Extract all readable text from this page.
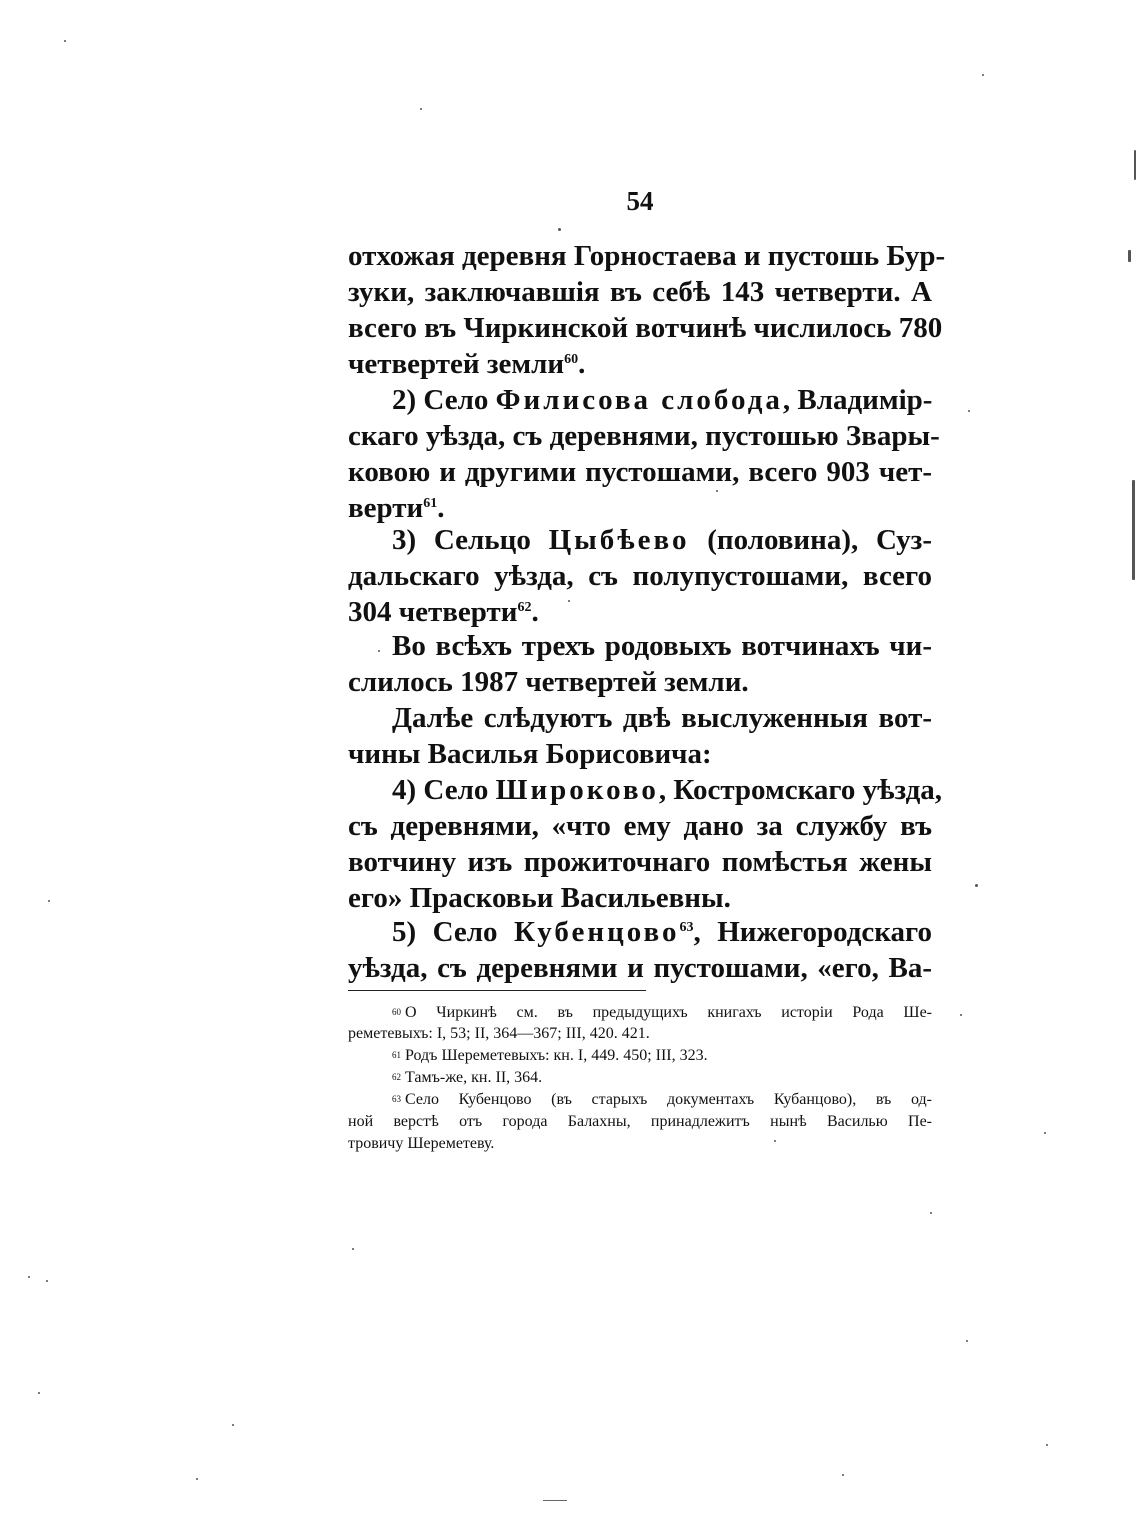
54
отхожая деревня Горностаева и пустошь Бур-
зуки, заключавшія въ себѣ 143 четверти. А
всего въ Чиркинской вотчинѣ числилось 780
четвертей земли$^{60}$.
2) Село Филисова слобода, Владимір-
скаго уѣзда, съ деревнями, пустошью Звары-
ковою и другими пустошами, всего 903 чет-
верти$^{61}$.
3) Сельцо Цыбѣево (половина), Суз-
дальскаго уѣзда, съ полупустошами, всего
304 четверти$^{62}$.
Во всѣхъ трехъ родовыхъ вотчинахъ чи-
слилось 1987 четвертей земли.
Далѣе слѣдуютъ двѣ выслуженныя вот-
чины Василья Борисовича:
4) Село Широково, Костромскаго уѣзда,
съ деревнями, «что ему дано за службу въ
вотчину изъ прожиточнаго помѣстья жены
его» Прасковьи Васильевны.
5) Село Кубенцово$^{63}$, Нижегородскаго
уѣзда, съ деревнями и пустошами, «его, Ва-
$^{60}$ О Чиркинѣ см. въ предыдущихъ книгахъ исторіи Рода Ше-
реметевыхъ: I, 53; II, 364—367; III, 420. 421.
$^{61}$ Родъ Шереметевыхъ: кн. I, 449. 450; III, 323.
$^{62}$ Тамъ-же, кн. II, 364.
$^{63}$ Село Кубенцово (въ старыхъ документахъ Кубанцово), въ од-
ной верстѣ отъ города Балахны, принадлежитъ нынѣ Василью Пе-
тровичу Шереметеву.
